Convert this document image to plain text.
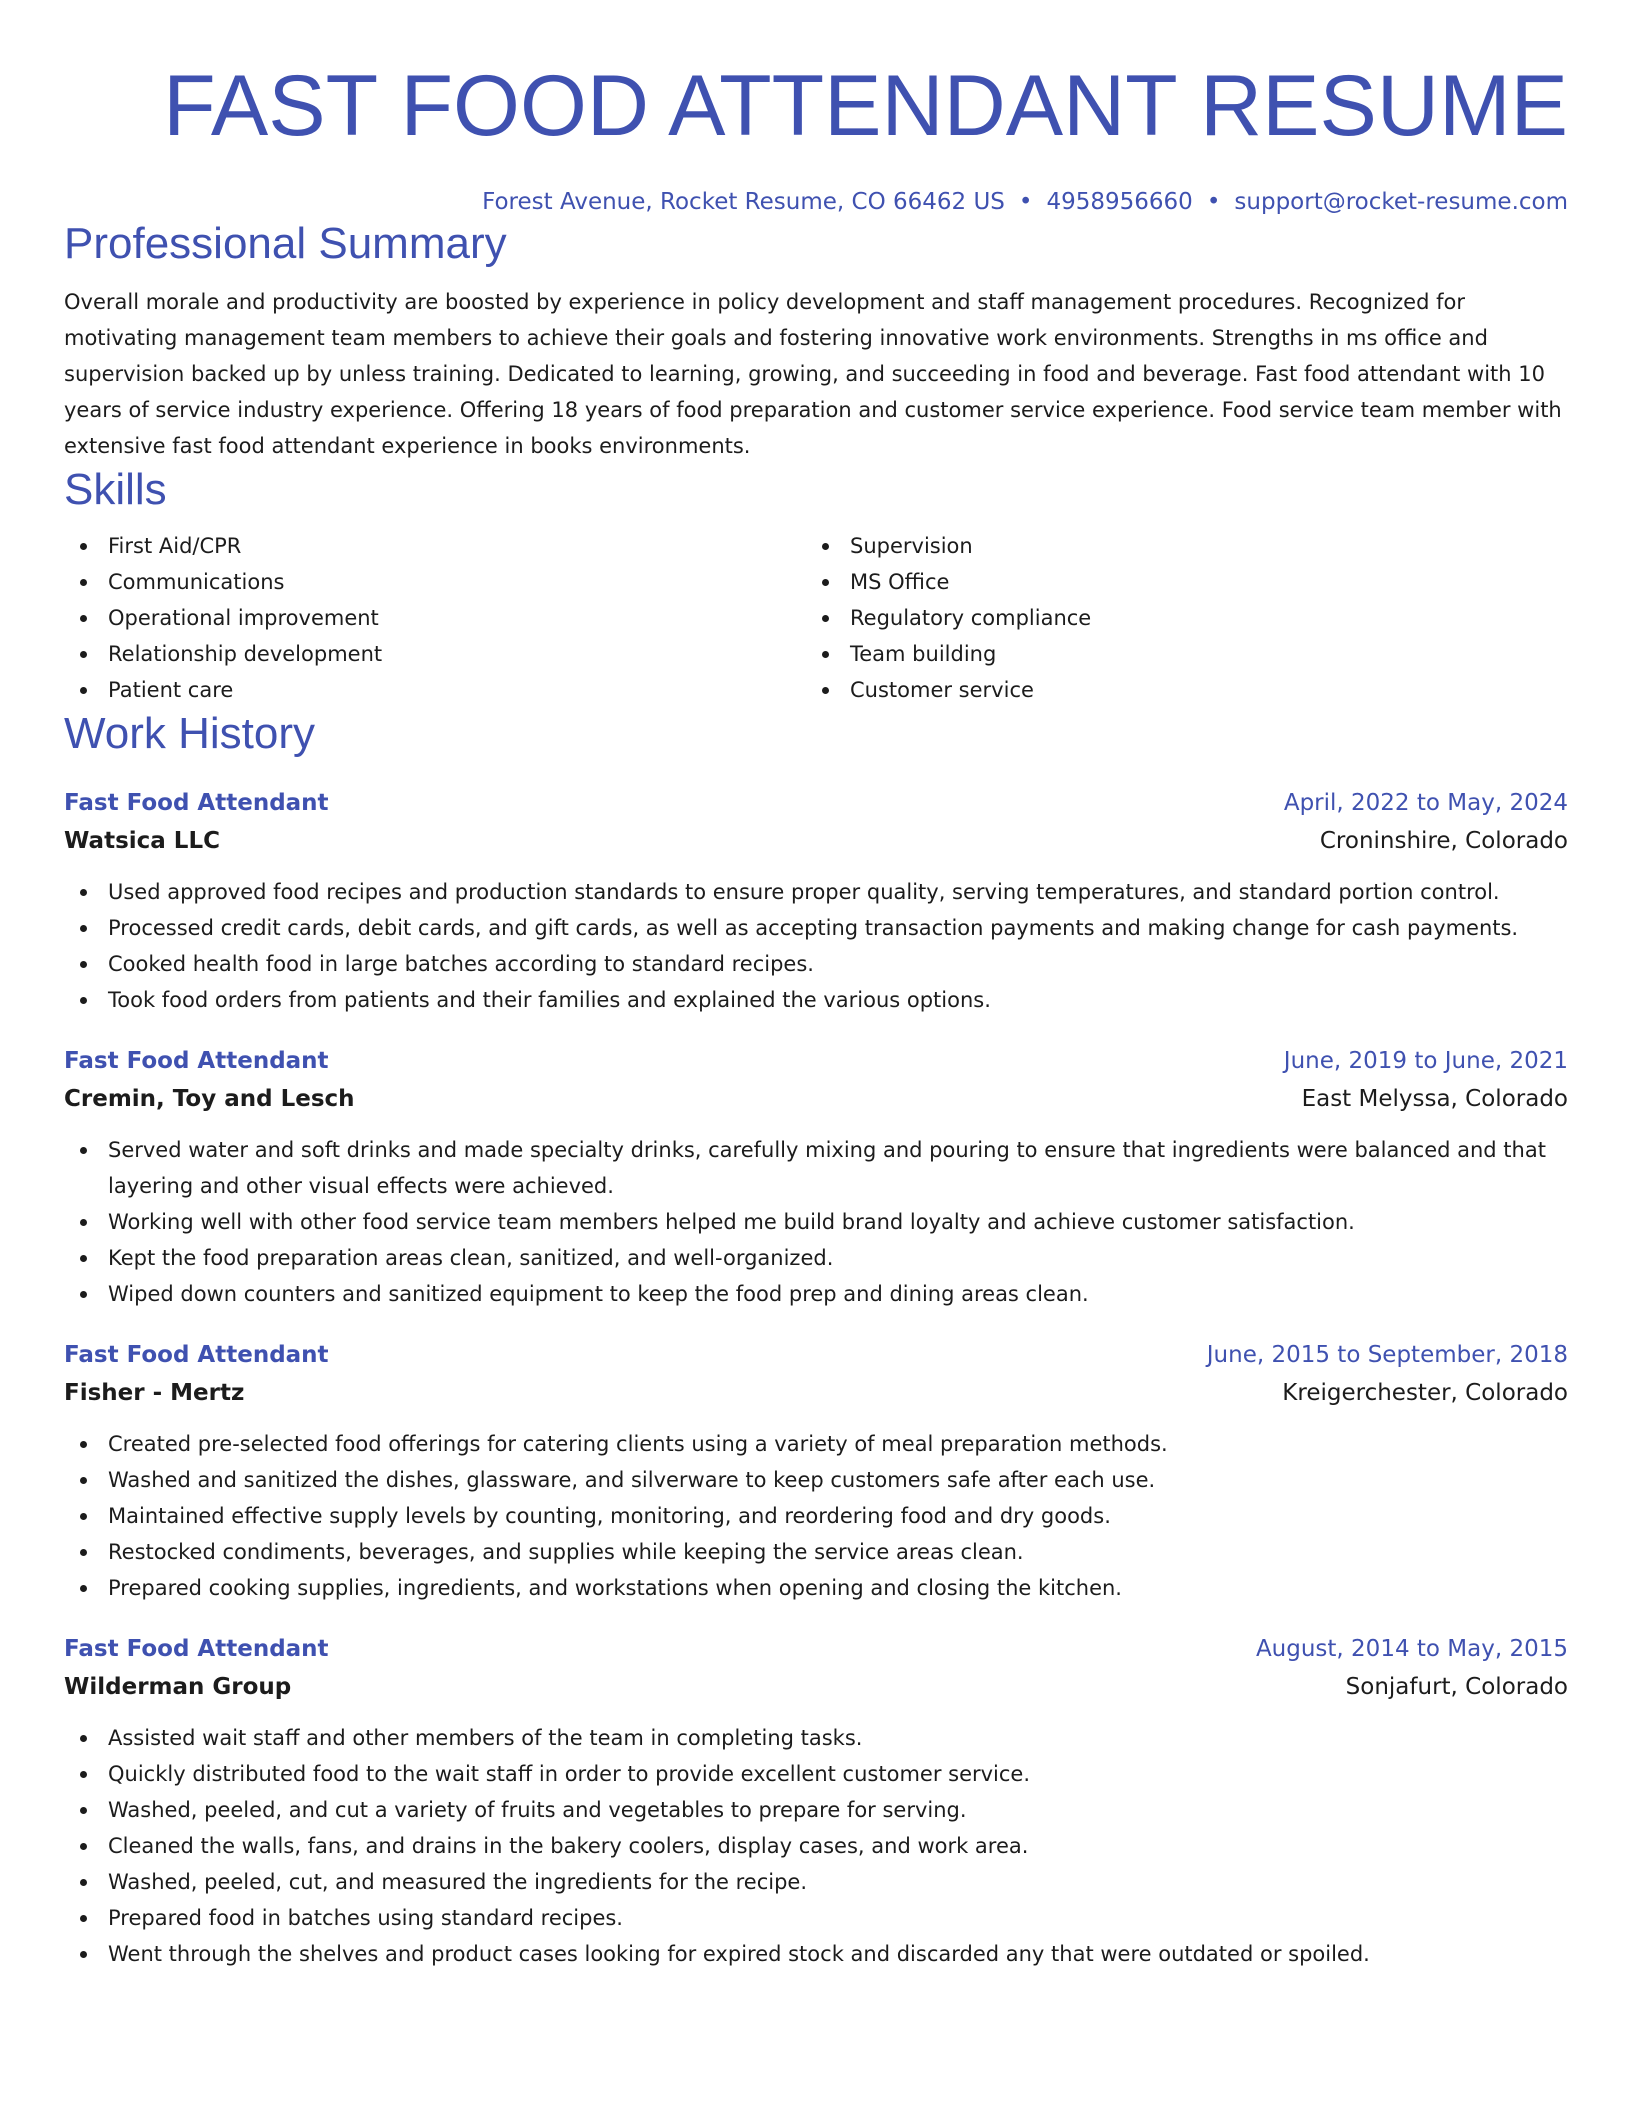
FAST FOOD ATTENDANT RESUME
Forest Avenue, Rocket Resume, CO 66462 US • 4958956660 • support@rocket-resume.com
Professional Summary

Overall morale and productivity are boosted by experience in policy development and staff management procedures. Recognized for motivating management team members to achieve their goals and fostering innovative work environments. Strengths in ms office and supervision backed up by unless training. Dedicated to learning, growing, and succeeding in food and beverage. Fast food attendant with 10 years of service industry experience. Offering 18 years of food preparation and customer service experience. Food service team member with extensive fast food attendant experience in books environments.

Skills
First Aid/CPR
Communications
Operational improvement
Relationship development
Patient care
Supervision
MS Office
Regulatory compliance
Team building
Customer service
Work History
Fast Food Attendant	April, 2022 to May, 2024
Watsica LLC	Croninshire, Colorado
Used approved food recipes and production standards to ensure proper quality, serving temperatures, and standard portion control.
Processed credit cards, debit cards, and gift cards, as well as accepting transaction payments and making change for cash payments.
Cooked health food in large batches according to standard recipes.
Took food orders from patients and their families and explained the various options.
Fast Food Attendant	June, 2019 to June, 2021
Cremin, Toy and Lesch	East Melyssa, Colorado
Served water and soft drinks and made specialty drinks, carefully mixing and pouring to ensure that ingredients were balanced and that layering and other visual effects were achieved.
Working well with other food service team members helped me build brand loyalty and achieve customer satisfaction.
Kept the food preparation areas clean, sanitized, and well-organized.
Wiped down counters and sanitized equipment to keep the food prep and dining areas clean.
Fast Food Attendant	June, 2015 to September, 2018
Fisher - Mertz	Kreigerchester, Colorado
Created pre-selected food offerings for catering clients using a variety of meal preparation methods.
Washed and sanitized the dishes, glassware, and silverware to keep customers safe after each use.
Maintained effective supply levels by counting, monitoring, and reordering food and dry goods.
Restocked condiments, beverages, and supplies while keeping the service areas clean.
Prepared cooking supplies, ingredients, and workstations when opening and closing the kitchen.
Fast Food Attendant	August, 2014 to May, 2015
Wilderman Group	Sonjafurt, Colorado
Assisted wait staff and other members of the team in completing tasks.
Quickly distributed food to the wait staff in order to provide excellent customer service.
Washed, peeled, and cut a variety of fruits and vegetables to prepare for serving.
Cleaned the walls, fans, and drains in the bakery coolers, display cases, and work area.
Washed, peeled, cut, and measured the ingredients for the recipe.
Prepared food in batches using standard recipes.
Went through the shelves and product cases looking for expired stock and discarded any that were outdated or spoiled.
